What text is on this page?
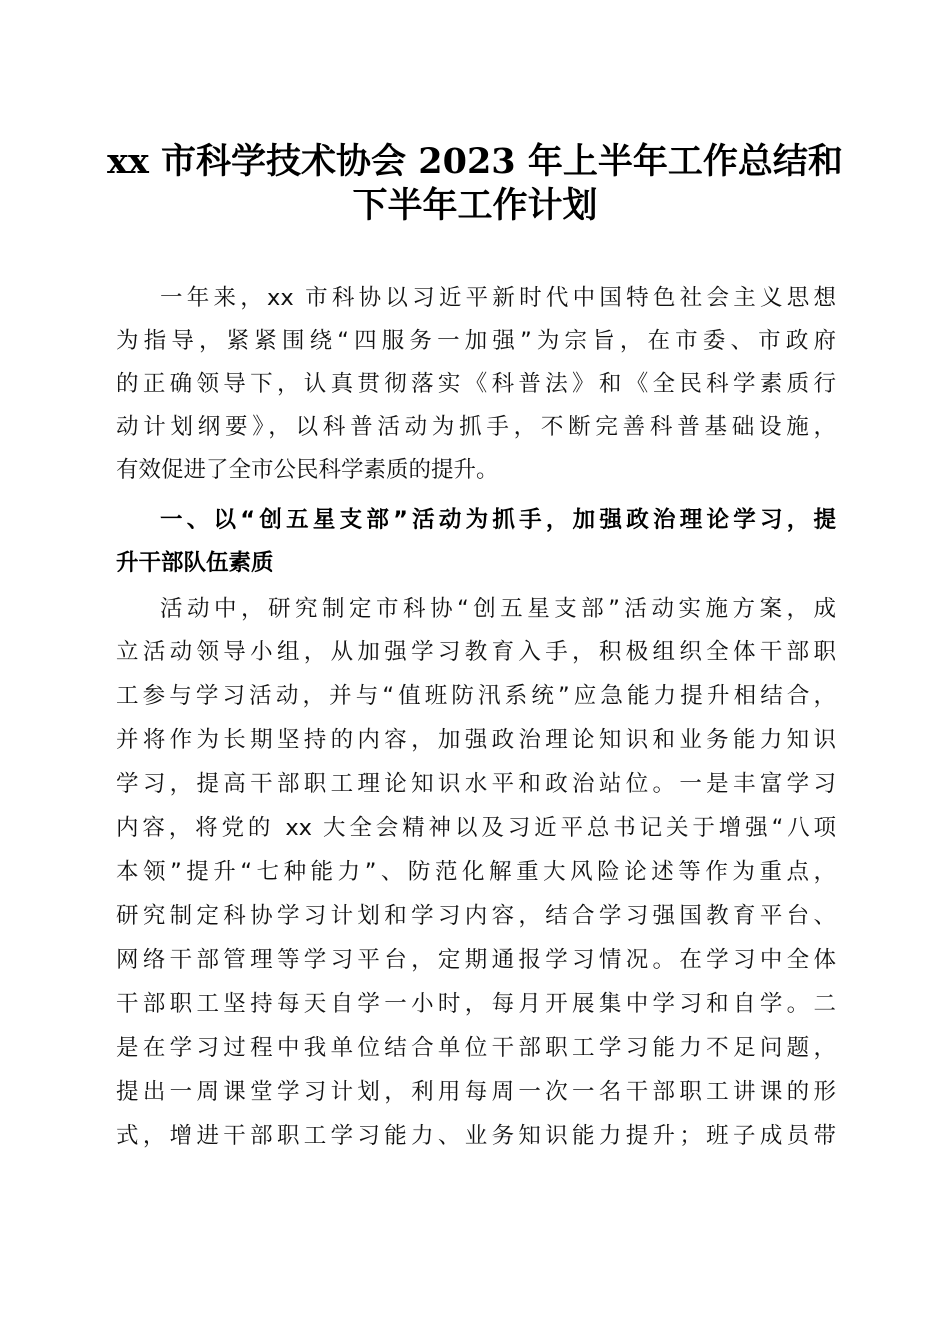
xx 市科学技术协会 2023 年上半年工作总结和
下半年工作计划
一年来，xx 市科协以习近平新时代中国特色社会主义思想
为指导，紧紧围绕“四服务一加强”为宗旨，在市委、市政府
的正确领导下，认真贯彻落实《科普法》和《全民科学素质行
动计划纲要》，以科普活动为抓手，不断完善科普基础设施，
有效促进了全市公民科学素质的提升。
一、以“创五星支部”活动为抓手，加强政治理论学习，提
升干部队伍素质
活动中，研究制定市科协“创五星支部”活动实施方案，成
立活动领导小组，从加强学习教育入手，积极组织全体干部职
工参与学习活动，并与“值班防汛系统”应急能力提升相结合，
并将作为长期坚持的内容，加强政治理论知识和业务能力知识
学习，提高干部职工理论知识水平和政治站位。一是丰富学习
内容，将党的 xx 大全会精神以及习近平总书记关于增强“八项
本领”提升“七种能力”、防范化解重大风险论述等作为重点，
研究制定科协学习计划和学习内容，结合学习强国教育平台、
网络干部管理等学习平台，定期通报学习情况。在学习中全体
干部职工坚持每天自学一小时，每月开展集中学习和自学。二
是在学习过程中我单位结合单位干部职工学习能力不足问题，
提出一周课堂学习计划，利用每周一次一名干部职工讲课的形
式，增进干部职工学习能力、业务知识能力提升；班子成员带
